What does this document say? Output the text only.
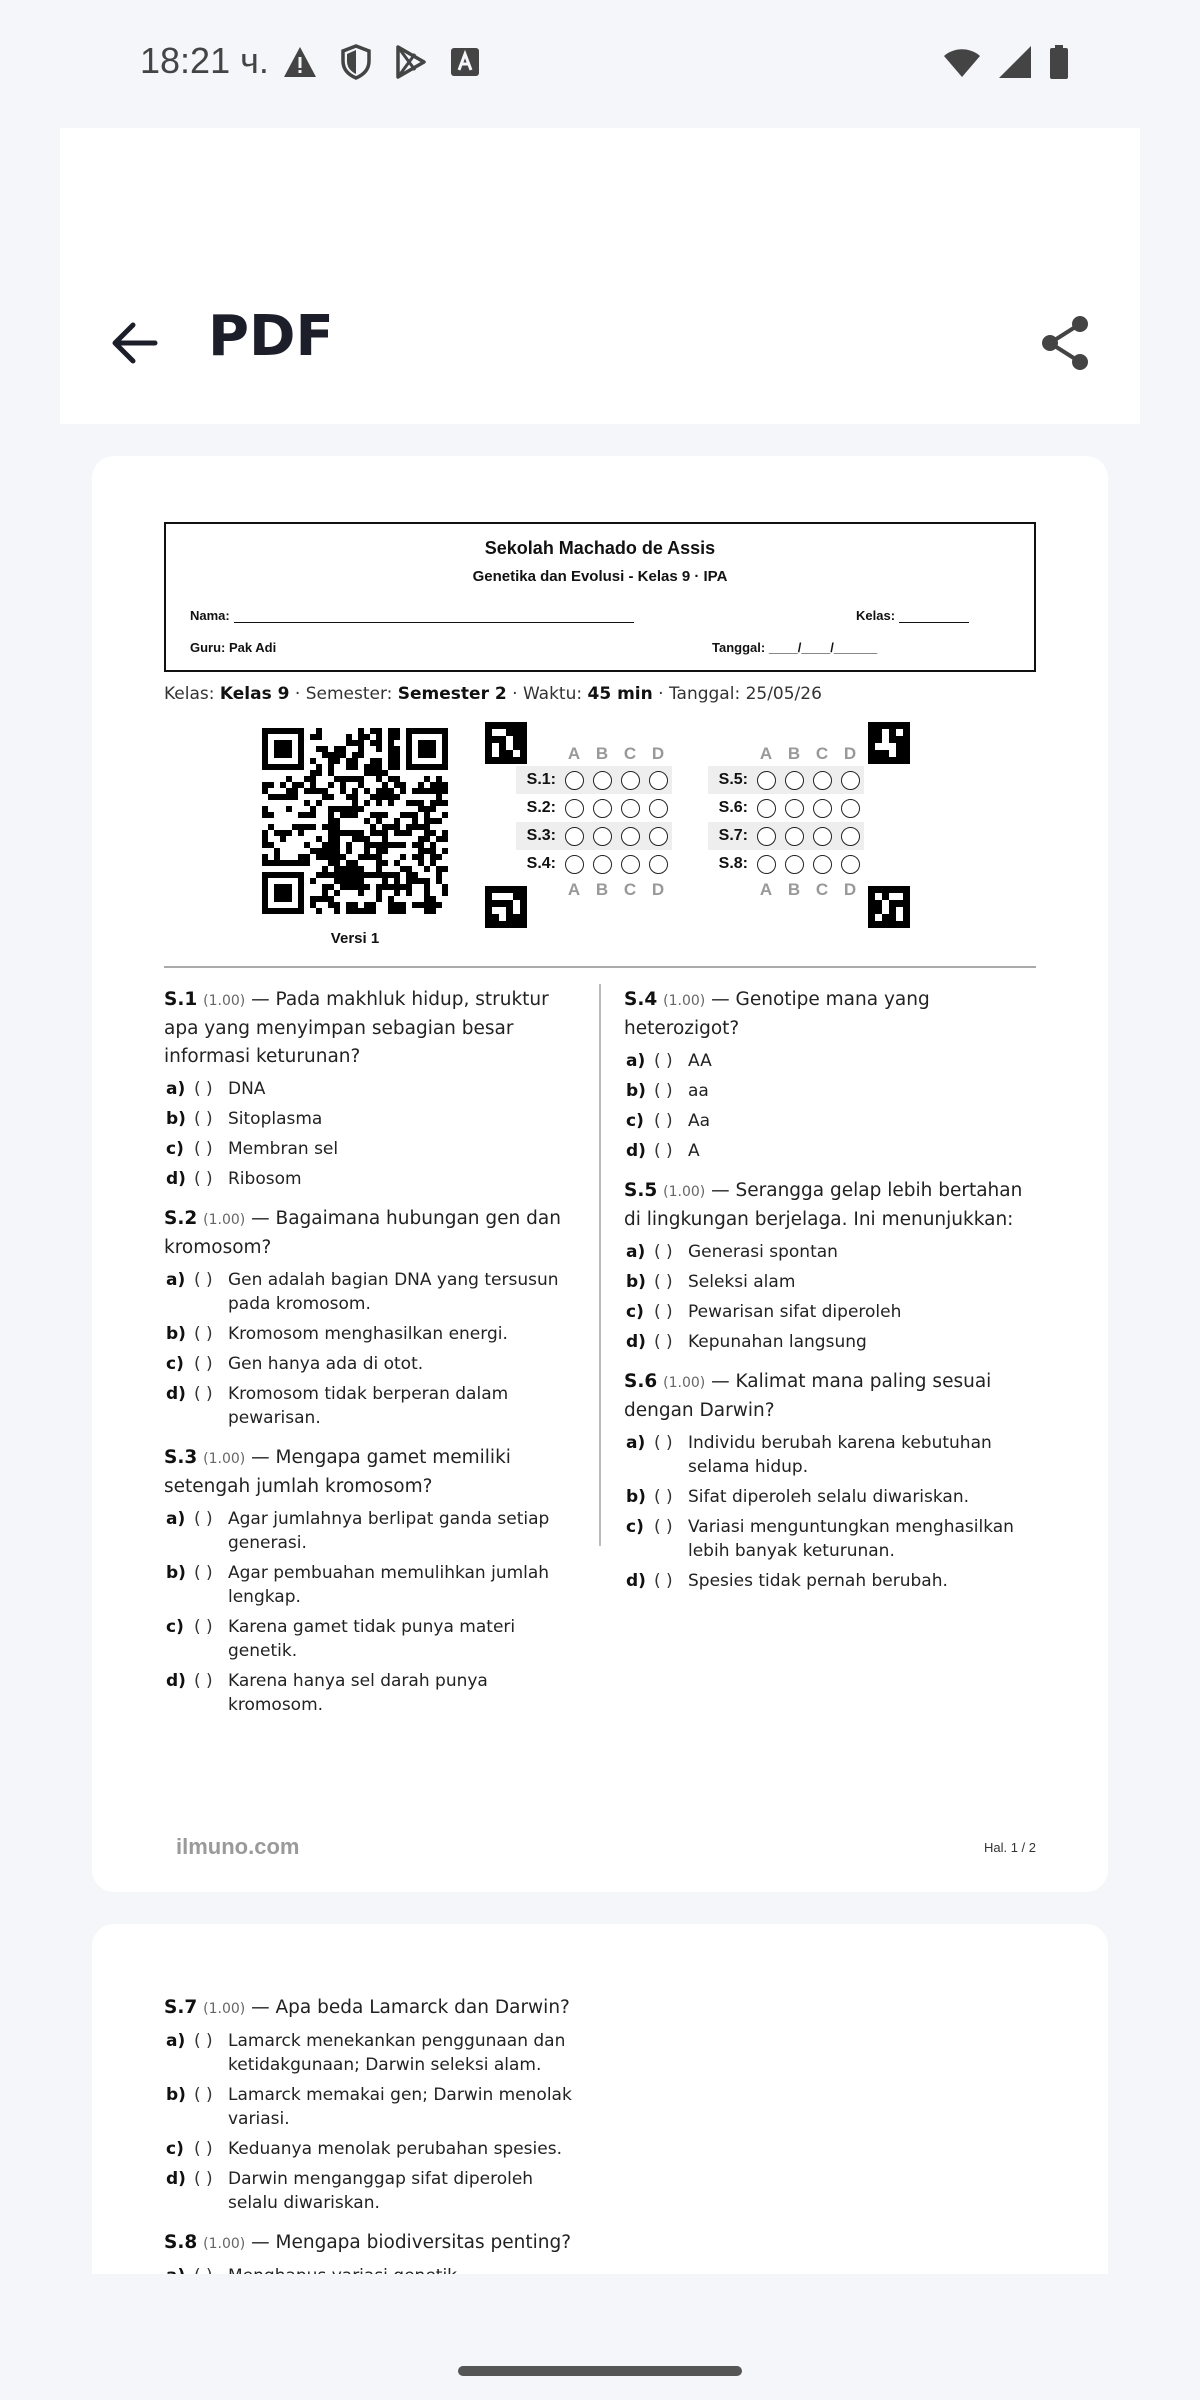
18:21 ч.
PDF
Sekolah Machado de Assis
Genetika dan Evolusi - Kelas 9 · IPA
Nama:	Kelas:
Guru: Pak Adi	Tanggal: ____/____/______
Kelas: Kelas 9 · Semester: Semester 2 · Waktu: 45 min · Tanggal: 25/05/26
Versi 1
A B C D
S.1:
S.2:
S.3:
S.4:
A B C D
A B C D
S.5:
S.6:
S.7:
S.8:
A B C D
S.1 (1.00) — Pada makhluk hidup, struktur apa yang menyimpan sebagian besar informasi keturunan?
a) ( ) DNA
b) ( ) Sitoplasma
c) ( ) Membran sel
d) ( ) Ribosom
S.2 (1.00) — Bagaimana hubungan gen dan kromosom?
a) ( ) Gen adalah bagian DNA yang tersusun pada kromosom.
b) ( ) Kromosom menghasilkan energi.
c) ( ) Gen hanya ada di otot.
d) ( ) Kromosom tidak berperan dalam pewarisan.
S.3 (1.00) — Mengapa gamet memiliki setengah jumlah kromosom?
a) ( ) Agar jumlahnya berlipat ganda setiap generasi.
b) ( ) Agar pembuahan memulihkan jumlah lengkap.
c) ( ) Karena gamet tidak punya materi genetik.
d) ( ) Karena hanya sel darah punya kromosom.
S.4 (1.00) — Genotipe mana yang heterozigot?
a) ( ) AA
b) ( ) aa
c) ( ) Aa
d) ( ) A
S.5 (1.00) — Serangga gelap lebih bertahan di lingkungan berjelaga. Ini menunjukkan:
a) ( ) Generasi spontan
b) ( ) Seleksi alam
c) ( ) Pewarisan sifat diperoleh
d) ( ) Kepunahan langsung
S.6 (1.00) — Kalimat mana paling sesuai dengan Darwin?
a) ( ) Individu berubah karena kebutuhan selama hidup.
b) ( ) Sifat diperoleh selalu diwariskan.
c) ( ) Variasi menguntungkan menghasilkan lebih banyak keturunan.
d) ( ) Spesies tidak pernah berubah.
ilmuno.com	Hal. 1 / 2
S.7 (1.00) — Apa beda Lamarck dan Darwin?
a) ( ) Lamarck menekankan penggunaan dan ketidakgunaan; Darwin seleksi alam.
b) ( ) Lamarck memakai gen; Darwin menolak variasi.
c) ( ) Keduanya menolak perubahan spesies.
d) ( ) Darwin menganggap sifat diperoleh selalu diwariskan.
S.8 (1.00) — Mengapa biodiversitas penting?
